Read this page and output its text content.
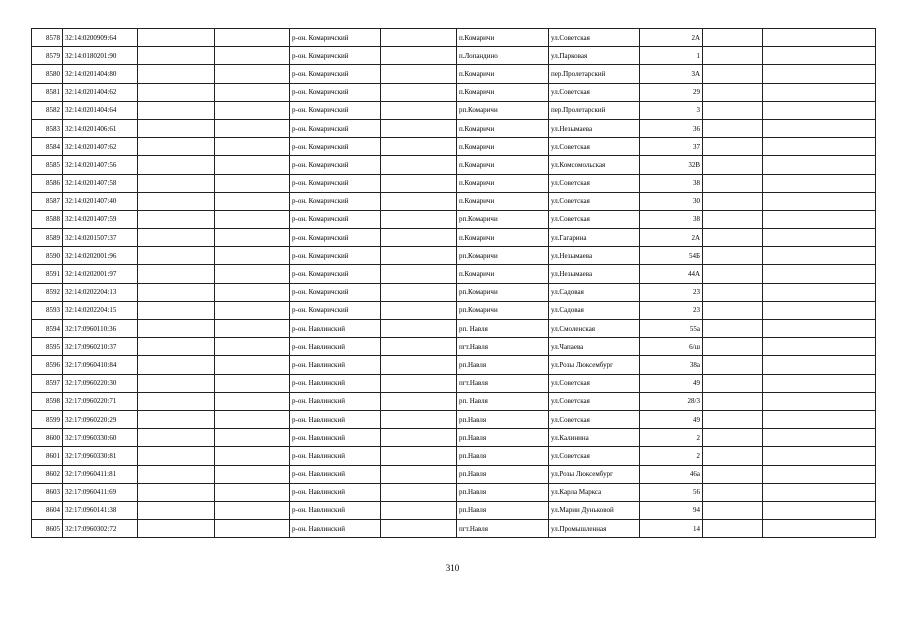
8578	32:14:0200909:64			р-он. Комаричский		п.Комаричи	ул.Советская	2А		
8579	32:14:0180201:90			р-он. Комаричский		п.Лопандино	ул.Парковая	1		
8580	32:14:0201404:80			р-он. Комаричский		п.Комаричи	пер.Пролетарский	3А		
8581	32:14:0201404:62			р-он. Комаричский		п.Комаричи	ул.Советская	29		
8582	32:14:0201404:64			р-он. Комаричский		рп.Комаричи	пер.Пролетарский	3		
8583	32:14:0201406:61			р-он. Комаричский		п.Комаричи	ул.Незымаева	36		
8584	32:14:0201407:62			р-он. Комаричский		п.Комаричи	ул.Советская	37		
8585	32:14:0201407:56			р-он. Комаричский		п.Комаричи	ул.Комсомольская	32В		
8586	32:14:0201407:58			р-он. Комаричский		п.Комаричи	ул.Советская	38		
8587	32:14:0201407:40			р-он. Комаричский		п.Комаричи	ул.Советская	30		
8588	32:14:0201407:59			р-он. Комаричский		рп.Комаричи	ул.Советская	38		
8589	32:14:0201507:37			р-он. Комаричский		п.Комаричи	ул.Гагарина	2А		
8590	32:14:0202001:96			р-он. Комаричский		рп.Комаричи	ул.Незымаева	54Б		
8591	32:14:0202001:97			р-он. Комаричский		п.Комаричи	ул.Незымаева	44А		
8592	32:14:0202204:13			р-он. Комаричский		рп.Комаричи	ул.Садовая	23		
8593	32:14:0202204:15			р-он. Комаричский		рп.Комаричи	ул.Садовая	23		
8594	32:17:0960110:36			р-он. Навлинский		рп. Навля	ул.Смоленская	55а		
8595	32:17:0960210:37			р-он. Навлинский		пгт.Навля	ул.Чапаева	6/ш		
8596	32:17:0960410:84			р-он. Навлинский		рп.Навля	ул.Розы Люксембург	38а		
8597	32:17:0960220:30			р-он. Навлинский		пгт.Навля	ул.Советская	49		
8598	32:17:0960220:71			р-он. Навлинский		рп. Навля	ул.Советская	28/3		
8599	32:17:0960220:29			р-он. Навлинский		рп.Навля	ул.Советская	49		
8600	32:17:0960330:60			р-он. Навлинский		рп.Навля	ул.Калинина	2		
8601	32:17:0960330:81			р-он. Навлинский		рп.Навля	ул.Советская	2		
8602	32:17:0960411:81			р-он. Навлинский		рп.Навля	ул.Розы Люксембург	46а		
8603	32:17:0960411:69			р-он. Навлинский		рп.Навля	ул.Карла Маркса	56		
8604	32:17:0960141:38			р-он. Навлинский		рп.Навля	ул.Марии Дуньковой	94		
8605	32:17:0960302:72			р-он. Навлинский		пгт.Навля	ул.Промышленная	14		
310
